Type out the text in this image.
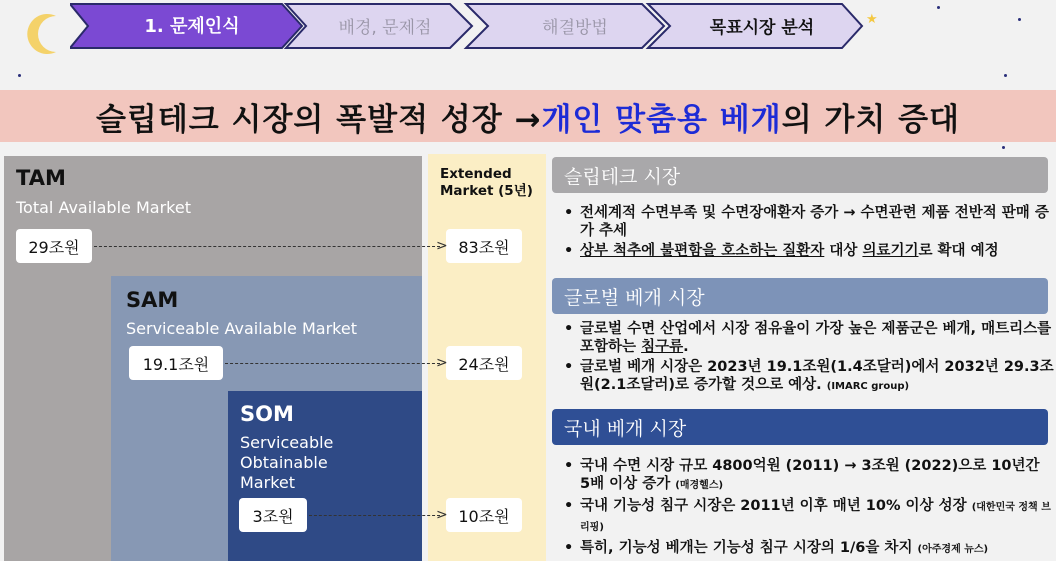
★
1. 문제인식	배경, 문제점	해결방법	목표시장 분석
슬립테크 시장의 폭발적 성장 → 개인 맞춤용 베개 의 가치 증대
TAM
Total Available Market
29조원
SAM
Serviceable Available Market
19.1조원
SOM
Serviceable
Obtainable
Market
3조원
Extended
Market (5년)
83조원
24조원
10조원
>
>
>
슬립테크 시장
• 전세계적 수면부족 및 수면장애환자 증가 → 수면관련 제품 전반적 판매 증가 추세
• 상부 척추에 불편함을 호소하는 질환자 대상 의료기기로 확대 예정
글로벌 베개 시장
• 글로벌 수면 산업에서 시장 점유율이 가장 높은 제품군은 베개, 매트리스를 포함하는 침구류.
• 글로벌 베개 시장은 2023년 19.1조원(1.4조달러)에서 2032년 29.3조원(2.1조달러)로 증가할 것으로 예상. (IMARC group)
국내 베개 시장
• 국내 수면 시장 규모 4800억원 (2011) → 3조원 (2022)으로 10년간 5배 이상 증가 (매경헬스)
• 국내 기능성 침구 시장은 2011년 이후 매년 10% 이상 성장 (대한민국 정책 브리핑)
• 특히, 기능성 베개는 기능성 침구 시장의 1/6을 차지 (아주경제 뉴스)
